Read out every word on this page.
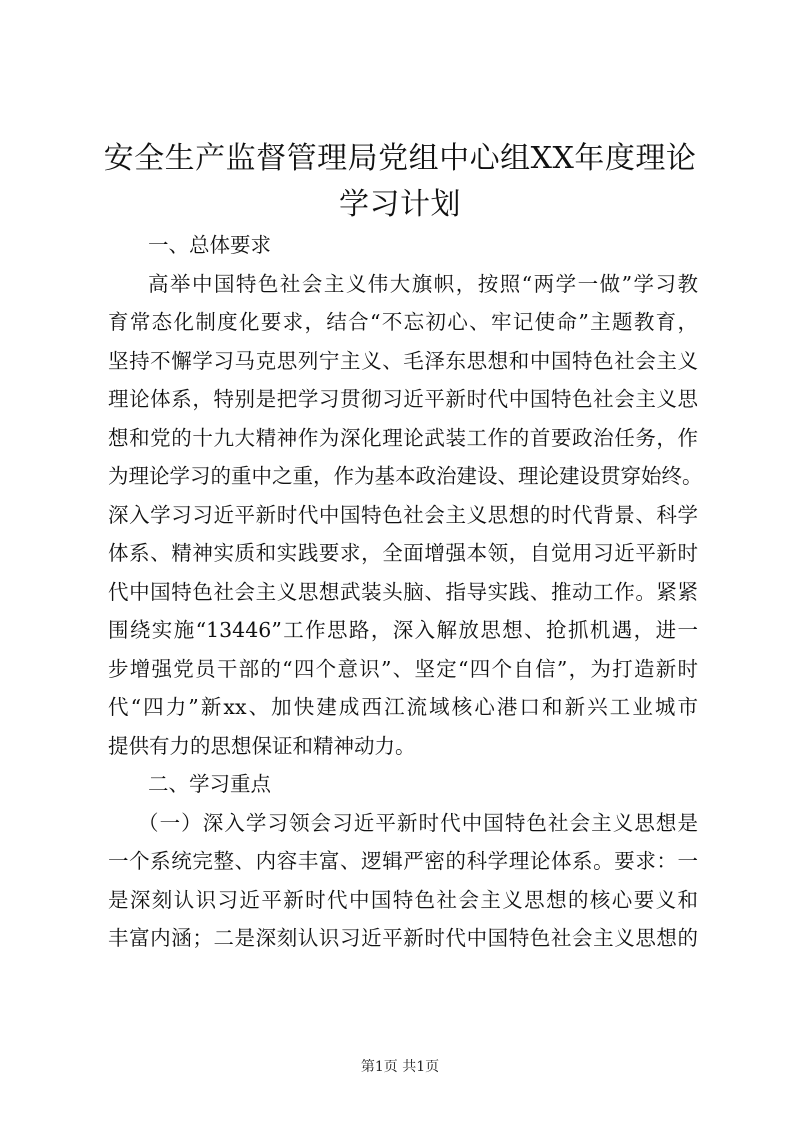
安全生产监督管理局党组中心组XX年度理论
学习计划
一、总体要求
高举中国特色社会主义伟大旗帜，按照“两学一做”学习教
育常态化制度化要求，结合“不忘初心、牢记使命”主题教育，
坚持不懈学习马克思列宁主义、毛泽东思想和中国特色社会主义
理论体系，特别是把学习贯彻习近平新时代中国特色社会主义思
想和党的十九大精神作为深化理论武装工作的首要政治任务，作
为理论学习的重中之重，作为基本政治建设、理论建设贯穿始终。
深入学习习近平新时代中国特色社会主义思想的时代背景、科学
体系、精神实质和实践要求，全面增强本领，自觉用习近平新时
代中国特色社会主义思想武装头脑、指导实践、推动工作。紧紧
围绕实施“13446”工作思路，深入解放思想、抢抓机遇，进一
步增强党员干部的“四个意识”、坚定“四个自信”，为打造新时
代“四力”新xx、加快建成西江流域核心港口和新兴工业城市
提供有力的思想保证和精神动力。
二、学习重点
（一）深入学习领会习近平新时代中国特色社会主义思想是
一个系统完整、内容丰富、逻辑严密的科学理论体系。要求：一
是深刻认识习近平新时代中国特色社会主义思想的核心要义和
丰富内涵；二是深刻认识习近平新时代中国特色社会主义思想的
第1页 共1页
